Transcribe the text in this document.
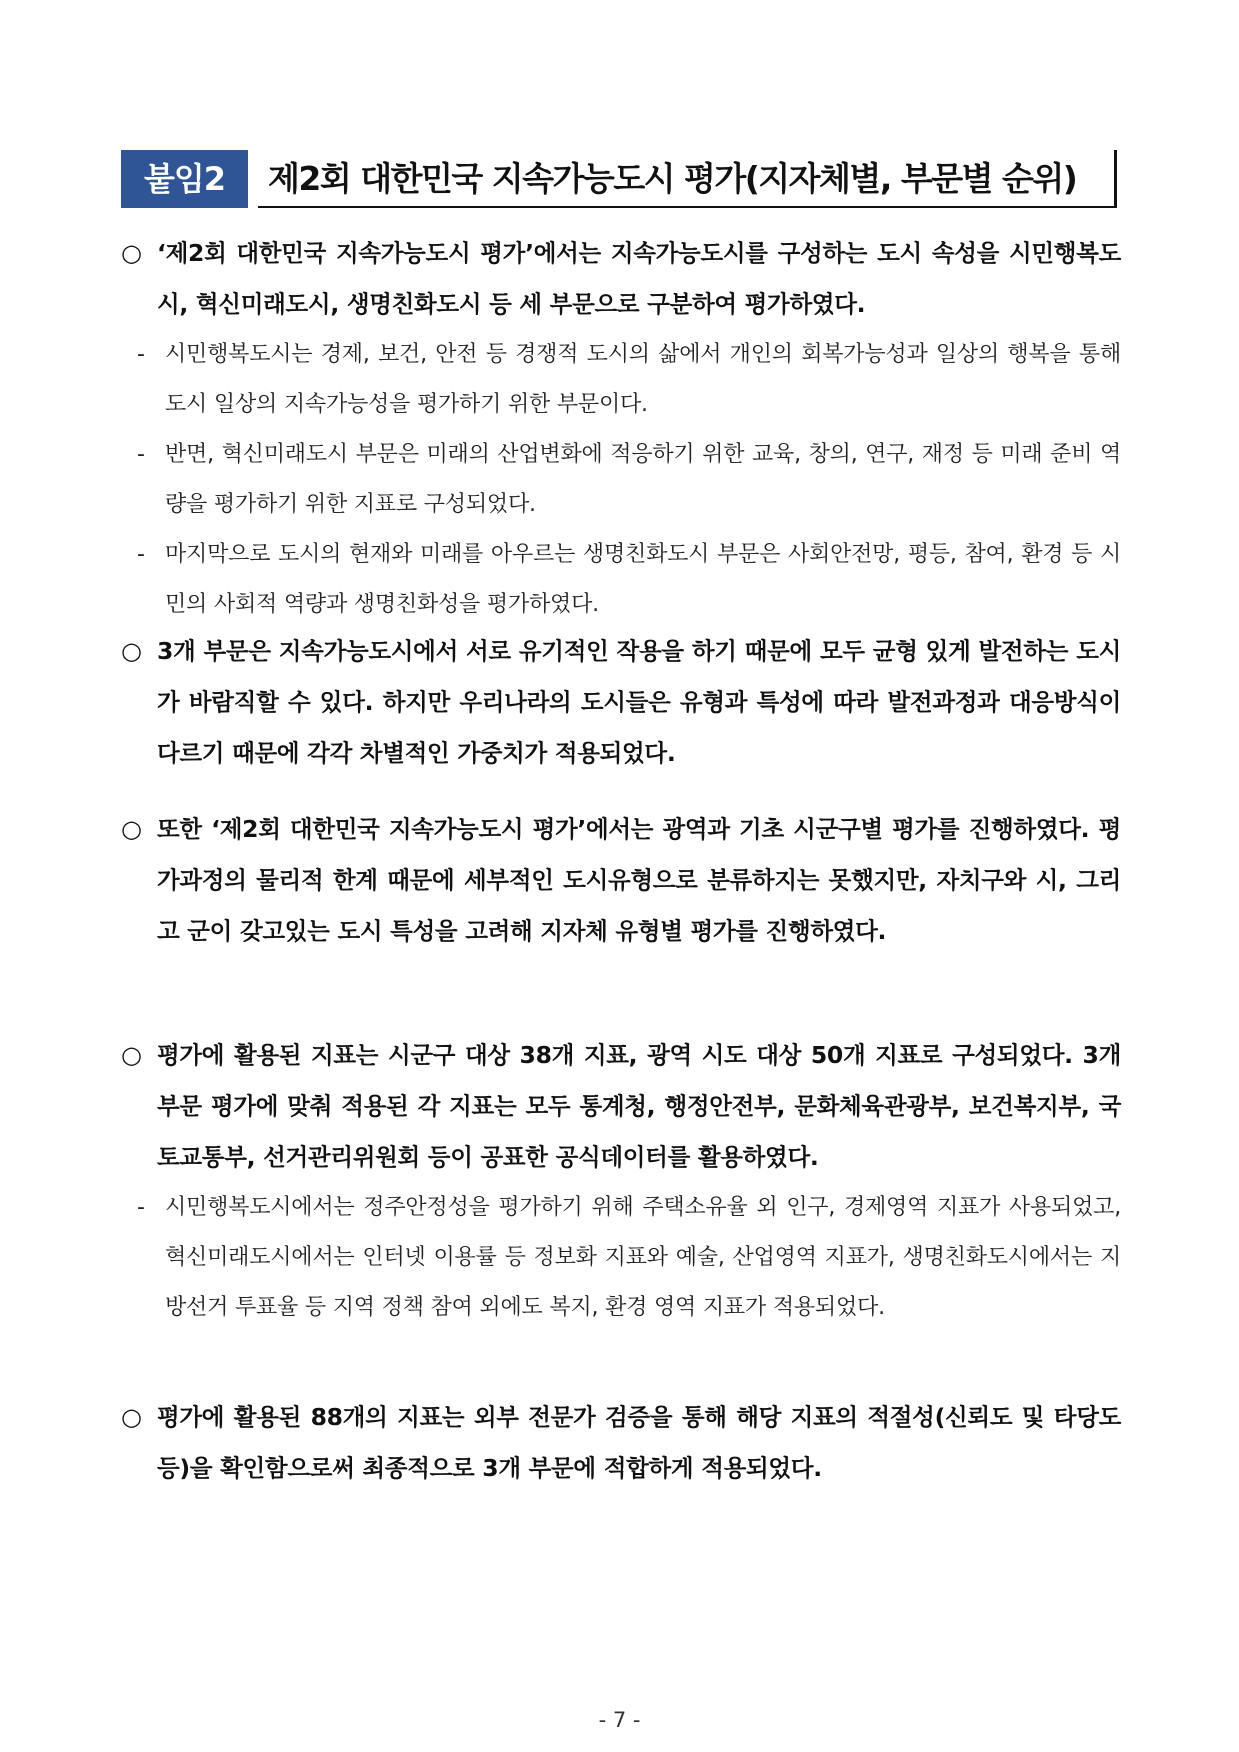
붙임2	제2회 대한민국 지속가능도시 평가(지자체별, 부문별 순위)

○ ‘제2회 대한민국 지속가능도시 평가’에서는 지속가능도시를 구성하는 도시 속성을 시민행복도시, 혁신미래도시, 생명친화도시 등 세 부문으로 구분하여 평가하였다.

- 시민행복도시는 경제, 보건, 안전 등 경쟁적 도시의 삶에서 개인의 회복가능성과 일상의 행복을 통해 도시 일상의 지속가능성을 평가하기 위한 부문이다.

- 반면, 혁신미래도시 부문은 미래의 산업변화에 적응하기 위한 교육, 창의, 연구, 재정 등 미래 준비 역량을 평가하기 위한 지표로 구성되었다.

- 마지막으로 도시의 현재와 미래를 아우르는 생명친화도시 부문은 사회안전망, 평등, 참여, 환경 등 시민의 사회적 역량과 생명친화성을 평가하였다.

○ 3개 부문은 지속가능도시에서 서로 유기적인 작용을 하기 때문에 모두 균형 있게 발전하는 도시가 바람직할 수 있다. 하지만 우리나라의 도시들은 유형과 특성에 따라 발전과정과 대응방식이 다르기 때문에 각각 차별적인 가중치가 적용되었다.

○ 또한 ‘제2회 대한민국 지속가능도시 평가’에서는 광역과 기초 시군구별 평가를 진행하였다. 평가과정의 물리적 한계 때문에 세부적인 도시유형으로 분류하지는 못했지만, 자치구와 시, 그리고 군이 갖고있는 도시 특성을 고려해 지자체 유형별 평가를 진행하였다.

○ 평가에 활용된 지표는 시군구 대상 38개 지표, 광역 시도 대상 50개 지표로 구성되었다. 3개 부문 평가에 맞춰 적용된 각 지표는 모두 통계청, 행정안전부, 문화체육관광부, 보건복지부, 국토교통부, 선거관리위원회 등이 공표한 공식데이터를 활용하였다.

- 시민행복도시에서는 정주안정성을 평가하기 위해 주택소유율 외 인구, 경제영역 지표가 사용되었고, 혁신미래도시에서는 인터넷 이용률 등 정보화 지표와 예술, 산업영역 지표가, 생명친화도시에서는 지방선거 투표율 등 지역 정책 참여 외에도 복지, 환경 영역 지표가 적용되었다.

○ 평가에 활용된 88개의 지표는 외부 전문가 검증을 통해 해당 지표의 적절성(신뢰도 및 타당도 등)을 확인함으로써 최종적으로 3개 부문에 적합하게 적용되었다.

- 7 -
